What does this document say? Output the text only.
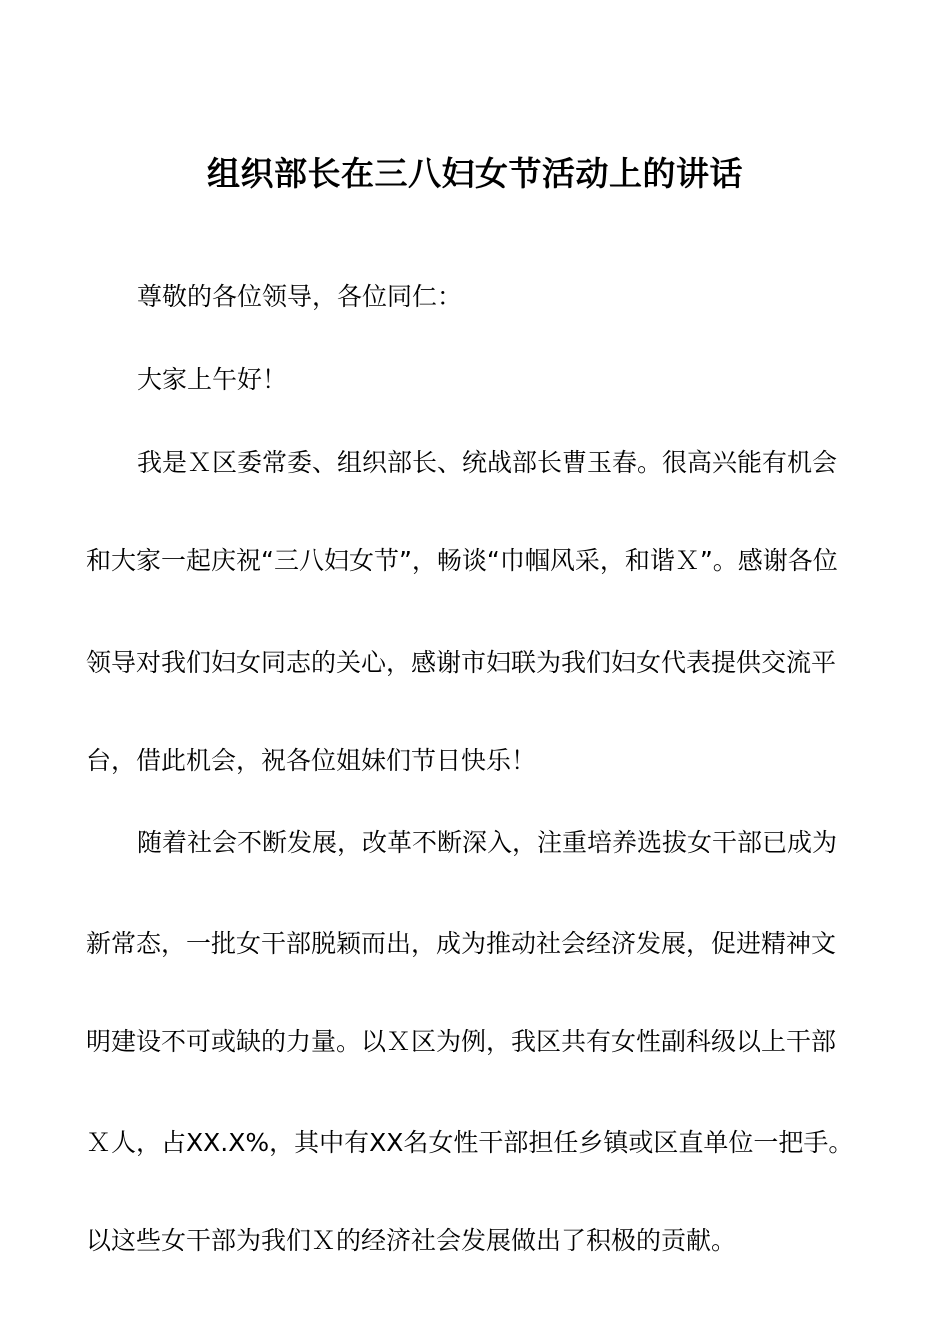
组织部长在三八妇女节活动上的讲话
尊敬的各位领导，各位同仁：
大家上午好！
我是Ｘ区委常委、组织部长、统战部长曹玉春。很高兴能有机会
和大家一起庆祝“三八妇女节”，畅谈“巾帼风采，和谐Ｘ”。感谢各位
领导对我们妇女同志的关心，感谢市妇联为我们妇女代表提供交流平
台，借此机会，祝各位姐妹们节日快乐！
随着社会不断发展，改革不断深入，注重培养选拔女干部已成为
新常态，一批女干部脱颖而出，成为推动社会经济发展，促进精神文
明建设不可或缺的力量。以Ｘ区为例，我区共有女性副科级以上干部
Ｘ人，占XX.X%，其中有XX名女性干部担任乡镇或区直单位一把手。
以这些女干部为我们Ｘ的经济社会发展做出了积极的贡献。
